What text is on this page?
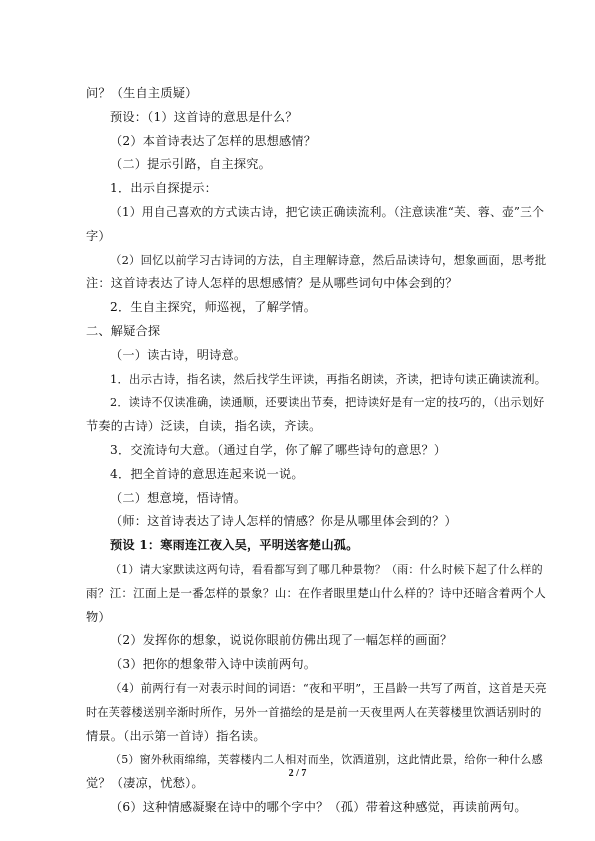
问？（生自主质疑）
预设：（1）这首诗的意思是什么？
（2）本首诗表达了怎样的思想感情？
（二）提示引路，自主探究。
1．出示自探提示：
（1）用自己喜欢的方式读古诗，把它读正确读流利。（注意读准“芙、蓉、壶”三个
字）
（2）回忆以前学习古诗词的方法，自主理解诗意，然后品读诗句，想象画面，思考批
注：这首诗表达了诗人怎样的思想感情？是从哪些词句中体会到的？
2．生自主探究，师巡视，了解学情。
二、解疑合探
（一）读古诗，明诗意。
1．出示古诗，指名读，然后找学生评读，再指名朗读，齐读，把诗句读正确读流利。
2．读诗不仅读准确，读通顺，还要读出节奏，把诗读好是有一定的技巧的，（出示划好
节奏的古诗）泛读，自读，指名读，齐读。
3．交流诗句大意。（通过自学，你了解了哪些诗句的意思？）
4．把全首诗的意思连起来说一说。
（二）想意境，悟诗情。
（师：这首诗表达了诗人怎样的情感？你是从哪里体会到的？）
预设 1：寒雨连江夜入吴，平明送客楚山孤。
（1）请大家默读这两句诗，看看都写到了哪几种景物？（雨：什么时候下起了什么样的
雨？江：江面上是一番怎样的景象？山：在作者眼里楚山什么样的？诗中还暗含着两个人
物）
（2）发挥你的想象，说说你眼前仿佛出现了一幅怎样的画面？
（3）把你的想象带入诗中读前两句。
（4）前两行有一对表示时间的词语：“夜和平明”，王昌龄一共写了两首，这首是天亮
时在芙蓉楼送别辛渐时所作，另外一首描绘的是是前一天夜里两人在芙蓉楼里饮酒话别时的
情景。（出示第一首诗）指名读。
（5）窗外秋雨绵绵，芙蓉楼内二人相对而坐，饮酒道别，这此情此景，给你一种什么感
觉？（凄凉，忧愁）。
（6）这种情感凝聚在诗中的哪个字中？（孤）带着这种感觉，再读前两句。
2 / 7
